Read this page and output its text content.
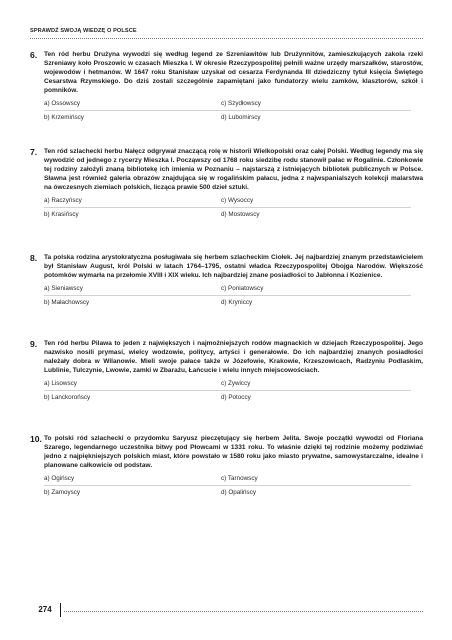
SPRAWDŹ SWOJĄ WIEDZĘ O POLSCE
6. Ten ród herbu Drużyna wywodzi się według legend ze Szreniawitów lub Drużynnitów, zamieszkujących zakola rzeki Szreniawy koło Proszowic w czasach Mieszka I. W okresie Rzeczypospolitej pełnili ważne urzędy marszałków, starostów, wojewodów i hetmanów. W 1647 roku Stanisław uzyskał od cesarza Ferdynanda III dziedziczny tytuł księcia Świętego Cesarstwa Rzymskiego. Do dziś zostali szczególnie zapamiętani jako fundatorzy wielu zamków, klasztorów, szkół i pomników.
a) Ossowscy	c) Szydłowscy
b) Krzemińscy	d) Lubomirscy
7. Ten ród szlachecki herbu Nałęcz odgrywał znaczącą rolę w historii Wielkopolski oraz całej Polski. Według legendy ma się wywodzić od jednego z rycerzy Mieszka I. Począwszy od 1768 roku siedzibę rodu stanowił pałac w Rogalinie. Członkowie tej rodziny założyli znaną bibliotekę ich imienia w Poznaniu – najstarszą z istniejących bibliotek publicznych w Polsce. Sławna jest również galeria obrazów znajdująca się w rogalińskim pałacu, jedna z najwspanialszych kolekcji malarstwa na ówczesnych ziemiach polskich, licząca prawie 500 dzieł sztuki.
a) Raczyńscy	c) Wysoccy
b) Krasińscy	d) Mostowscy
8. Ta polska rodzina arystokratyczna posługiwała się herbem szlacheckim Ciołek. Jej najbardziej znanym przedstawicielem był Stanisław August, król Polski w latach 1764–1795, ostatni władca Rzeczypospolitej Obojga Narodów. Większość potomków wymarła na przełomie XVIII i XIX wieku. Ich najbardziej znane posiadłości to Jabłonna i Kozienice.
a) Sieniawscy	c) Poniatowscy
b) Małachowscy	d) Kryniccy
9. Ten ród herbu Pilawa to jeden z największych i najmożniejszych rodów magnackich w dziejach Rzeczypospolitej. Jego nazwisko nosili prymasi, wielcy wodzowie, politycy, artyści i generałowie. Do ich najbardziej znanych posiadłości należały dobra w Wilanowie. Mieli swoje pałace także w Józefowie, Krakowie, Krzeszowicach, Radzyniu Podlaskim, Lublinie, Tulczynie, Lwowie, zamki w Zbarażu, Łańcucie i wielu innych miejscowościach.
a) Lisowscy	c) Zywiccy
b) Lanckorońscy	d) Potoccy
10. To polski ród szlachecki o przydomku Saryusz pieczętujący się herbem Jelita. Swoje początki wywodzi od Floriana Szarego, legendarnego uczestnika bitwy pod Płowcami w 1331 roku. To właśnie dzięki tej rodzinie możemy podziwiać jedno z najpiękniejszych polskich miast, które powstało w 1580 roku jako miasto prywatne, samowystarczalne, idealne i planowane całkowicie od podstaw.
a) Ogińscy	c) Tarnowscy
b) Zamoyscy	d) Opalińscy
274
